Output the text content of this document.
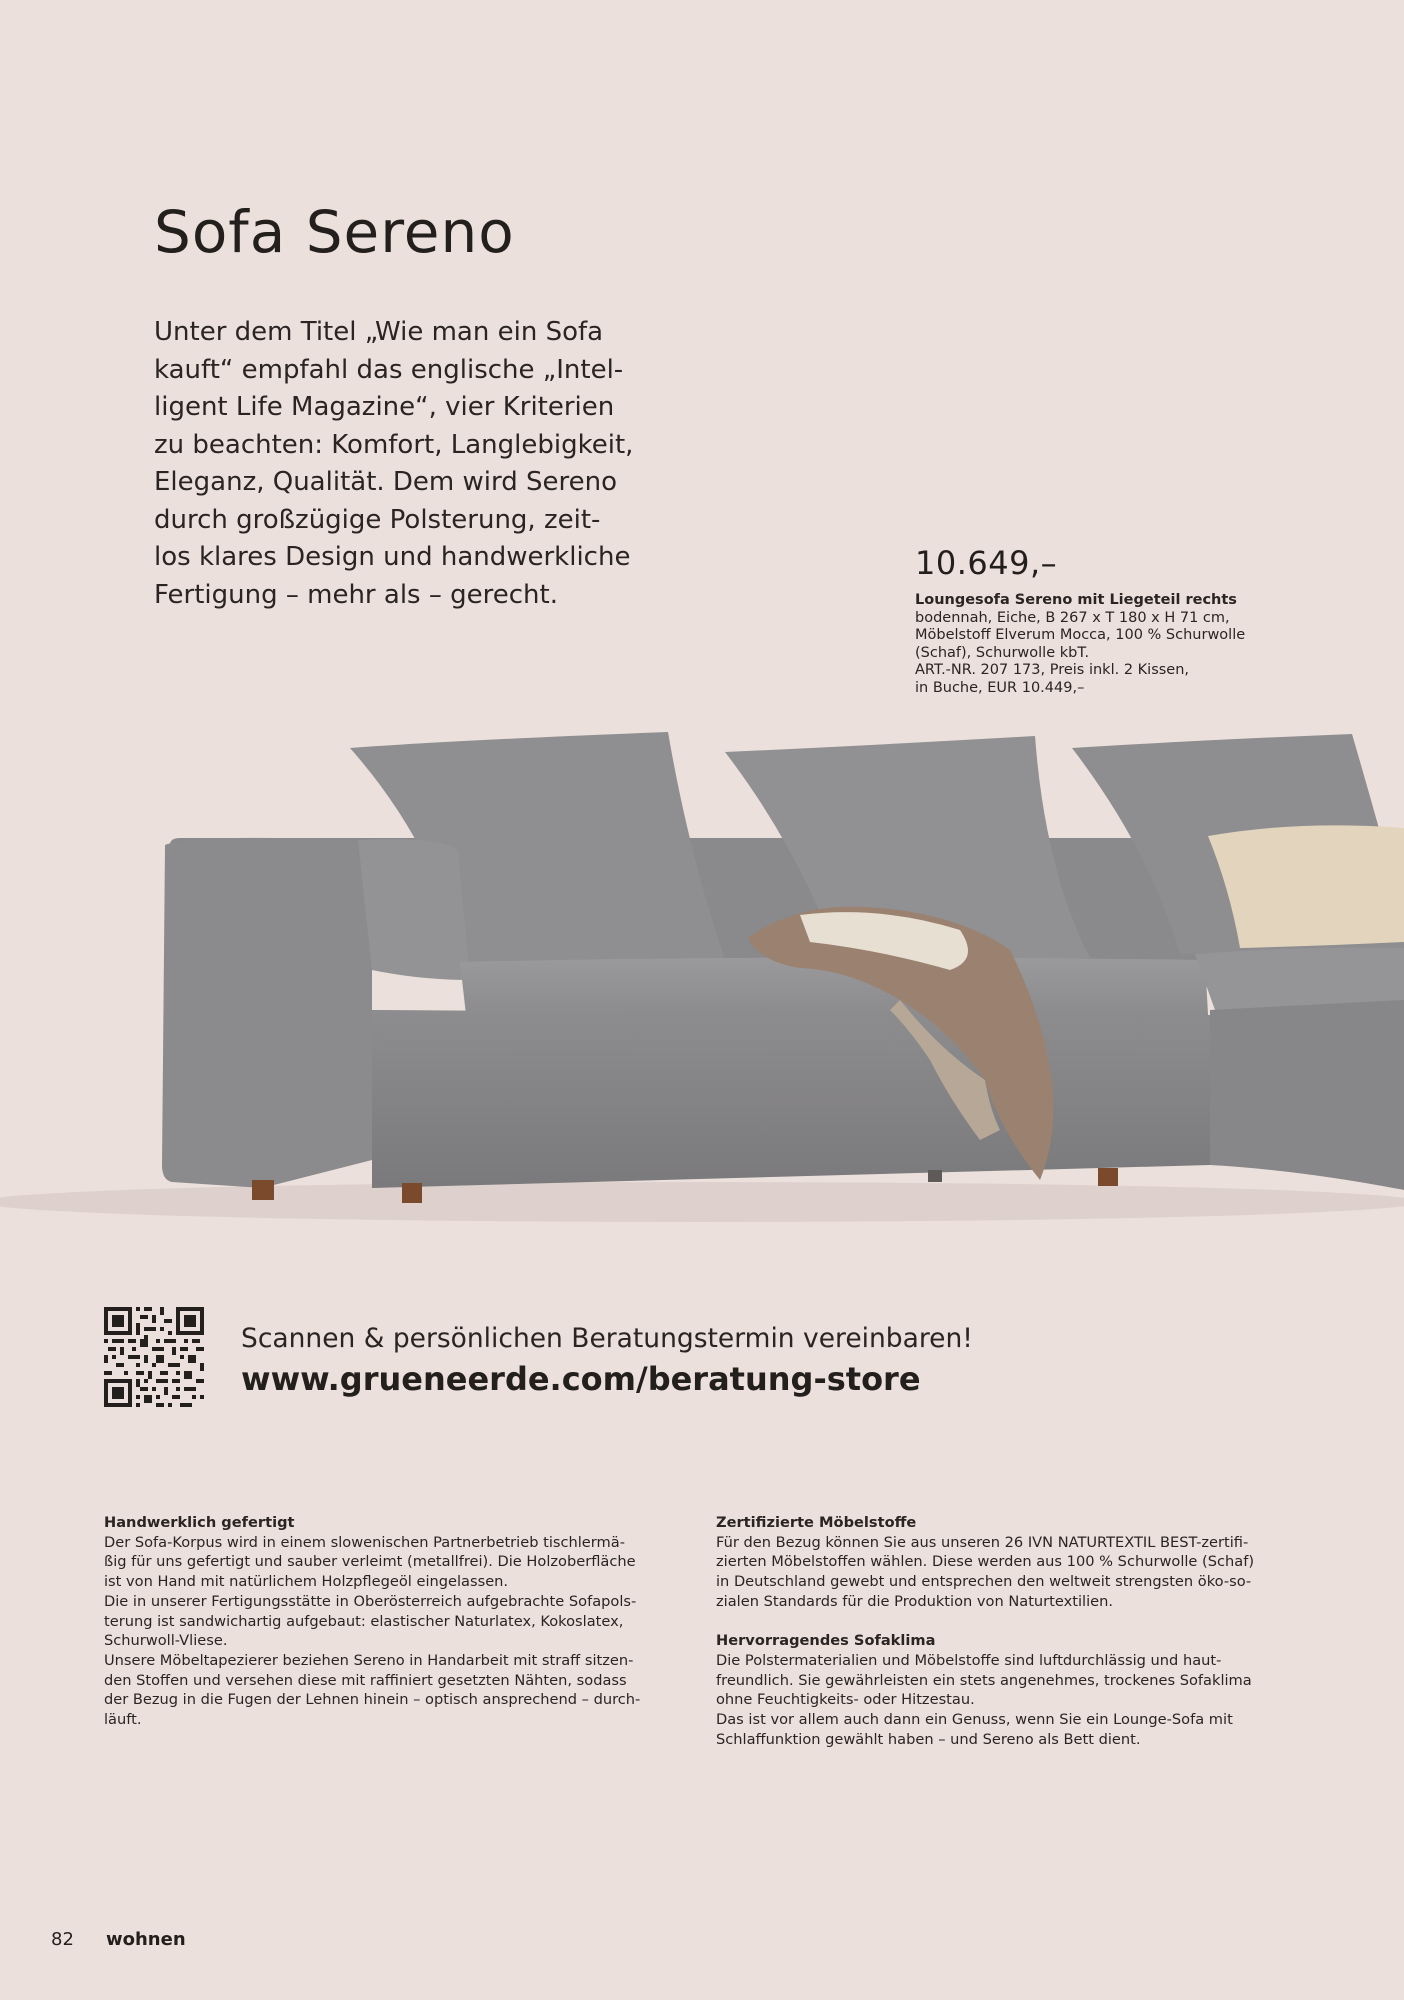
Sofa Sereno
Unter dem Titel „Wie man ein Sofa
kauft“ empfahl das englische „Intel-
ligent Life Magazine“, vier Kriterien
zu beachten: Komfort, Langlebigkeit,
Eleganz, Qualität. Dem wird Sereno
durch großzügige Polsterung, zeit-
los klares Design und handwerkliche
Fertigung – mehr als – gerecht.
10.649,–
Loungesofa Sereno mit Liegeteil rechts
bodennah, Eiche, B 267 x T 180 x H 71 cm,
Möbelstoff Elverum Mocca, 100 % Schurwolle
(Schaf), Schurwolle kbT.
ART.-NR. 207 173, Preis inkl. 2 Kissen,
in Buche, EUR 10.449,–
Scannen & persönlichen Beratungstermin vereinbaren!
www.grueneerde.com/beratung-store
Handwerklich gefertigt

Der Sofa-Korpus wird in einem slowenischen Partnerbetrieb tischlermä-

ßig für uns gefertigt und sauber verleimt (metallfrei). Die Holzoberfläche

ist von Hand mit natürlichem Holzpflegeöl eingelassen.

Die in unserer Fertigungsstätte in Oberösterreich aufgebrachte Sofapols-

terung ist sandwichartig aufgebaut: elastischer Naturlatex, Kokoslatex,

Schurwoll-Vliese.

Unsere Möbeltapezierer beziehen Sereno in Handarbeit mit straff sitzen-

den Stoffen und versehen diese mit raffiniert gesetzten Nähten, sodass

der Bezug in die Fugen der Lehnen hinein – optisch ansprechend – durch-

läuft.

Zertifizierte Möbelstoffe

Für den Bezug können Sie aus unseren 26 IVN NATURTEXTIL BEST-zertifi-

zierten Möbelstoffen wählen. Diese werden aus 100 % Schurwolle (Schaf)

in Deutschland gewebt und entsprechen den weltweit strengsten öko-so-

zialen Standards für die Produktion von Naturtextilien.

Hervorragendes Sofaklima

Die Polstermaterialien und Möbelstoffe sind luftdurchlässig und haut-

freundlich. Sie gewährleisten ein stets angenehmes, trockenes Sofaklima

ohne Feuchtigkeits- oder Hitzestau.

Das ist vor allem auch dann ein Genuss, wenn Sie ein Lounge-Sofa mit

Schlaffunktion gewählt haben – und Sereno als Bett dient.

82 wohnen
